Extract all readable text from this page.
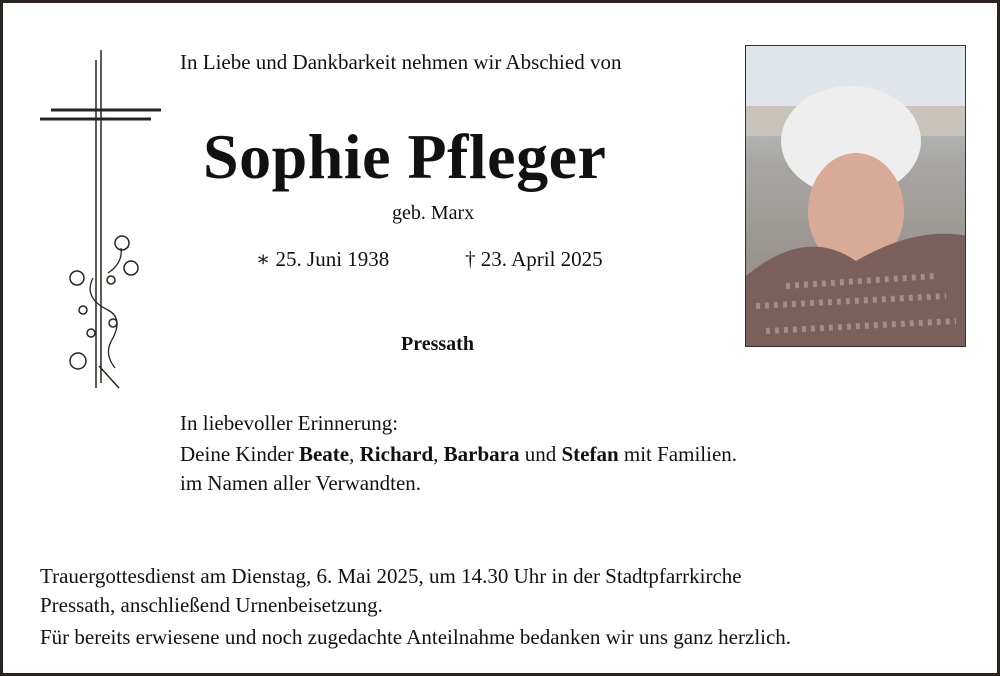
In Liebe und Dankbarkeit nehmen wir Abschied von
Sophie Pfleger
geb. Marx
∗ 25. Juni 1938	† 23. April 2025
Pressath
In liebevoller Erinnerung:
Deine Kinder Beate, Richard, Barbara und Stefan mit Familien.
im Namen aller Verwandten.
Trauergottesdienst am Dienstag, 6. Mai 2025, um 14.30 Uhr in der Stadtpfarrkirche
Pressath, anschließend Urnenbeisetzung.
Für bereits erwiesene und noch zugedachte Anteilnahme bedanken wir uns ganz herzlich.
